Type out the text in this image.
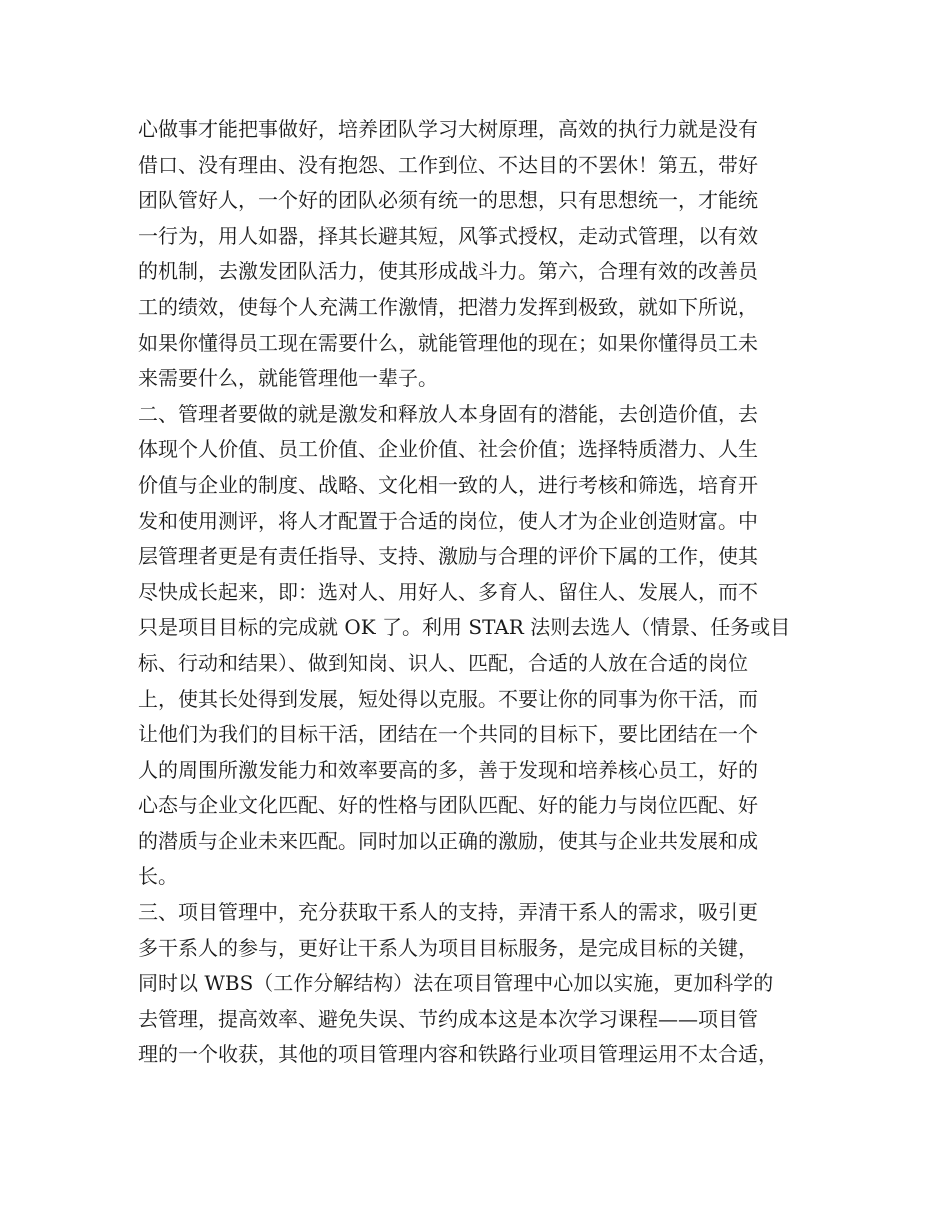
心做事才能把事做好，培养团队学习大树原理，高效的执行力就是没有
借口、没有理由、没有抱怨、工作到位、不达目的不罢休！第五，带好
团队管好人，一个好的团队必须有统一的思想，只有思想统一，才能统
一行为，用人如器，择其长避其短，风筝式授权，走动式管理，以有效
的机制，去激发团队活力，使其形成战斗力。第六，合理有效的改善员
工的绩效，使每个人充满工作激情，把潜力发挥到极致，就如下所说，
如果你懂得员工现在需要什么，就能管理他的现在；如果你懂得员工未
来需要什么，就能管理他一辈子。
二、管理者要做的就是激发和释放人本身固有的潜能，去创造价值，去
体现个人价值、员工价值、企业价值、社会价值；选择特质潜力、人生
价值与企业的制度、战略、文化相一致的人，进行考核和筛选，培育开
发和使用测评，将人才配置于合适的岗位，使人才为企业创造财富。中
层管理者更是有责任指导、支持、激励与合理的评价下属的工作，使其
尽快成长起来，即：选对人、用好人、多育人、留住人、发展人，而不
只是项目目标的完成就 OK 了。利用 STAR 法则去选人（情景、任务或目
标、行动和结果）、做到知岗、识人、匹配，合适的人放在合适的岗位
上，使其长处得到发展，短处得以克服。不要让你的同事为你干活，而
让他们为我们的目标干活，团结在一个共同的目标下，要比团结在一个
人的周围所激发能力和效率要高的多，善于发现和培养核心员工，好的
心态与企业文化匹配、好的性格与团队匹配、好的能力与岗位匹配、好
的潜质与企业未来匹配。同时加以正确的激励，使其与企业共发展和成
长。
三、项目管理中，充分获取干系人的支持，弄清干系人的需求，吸引更
多干系人的参与，更好让干系人为项目目标服务，是完成目标的关键，
同时以 WBS（工作分解结构）法在项目管理中心加以实施，更加科学的
去管理，提高效率、避免失误、节约成本这是本次学习课程——项目管
理的一个收获，其他的项目管理内容和铁路行业项目管理运用不太合适，
